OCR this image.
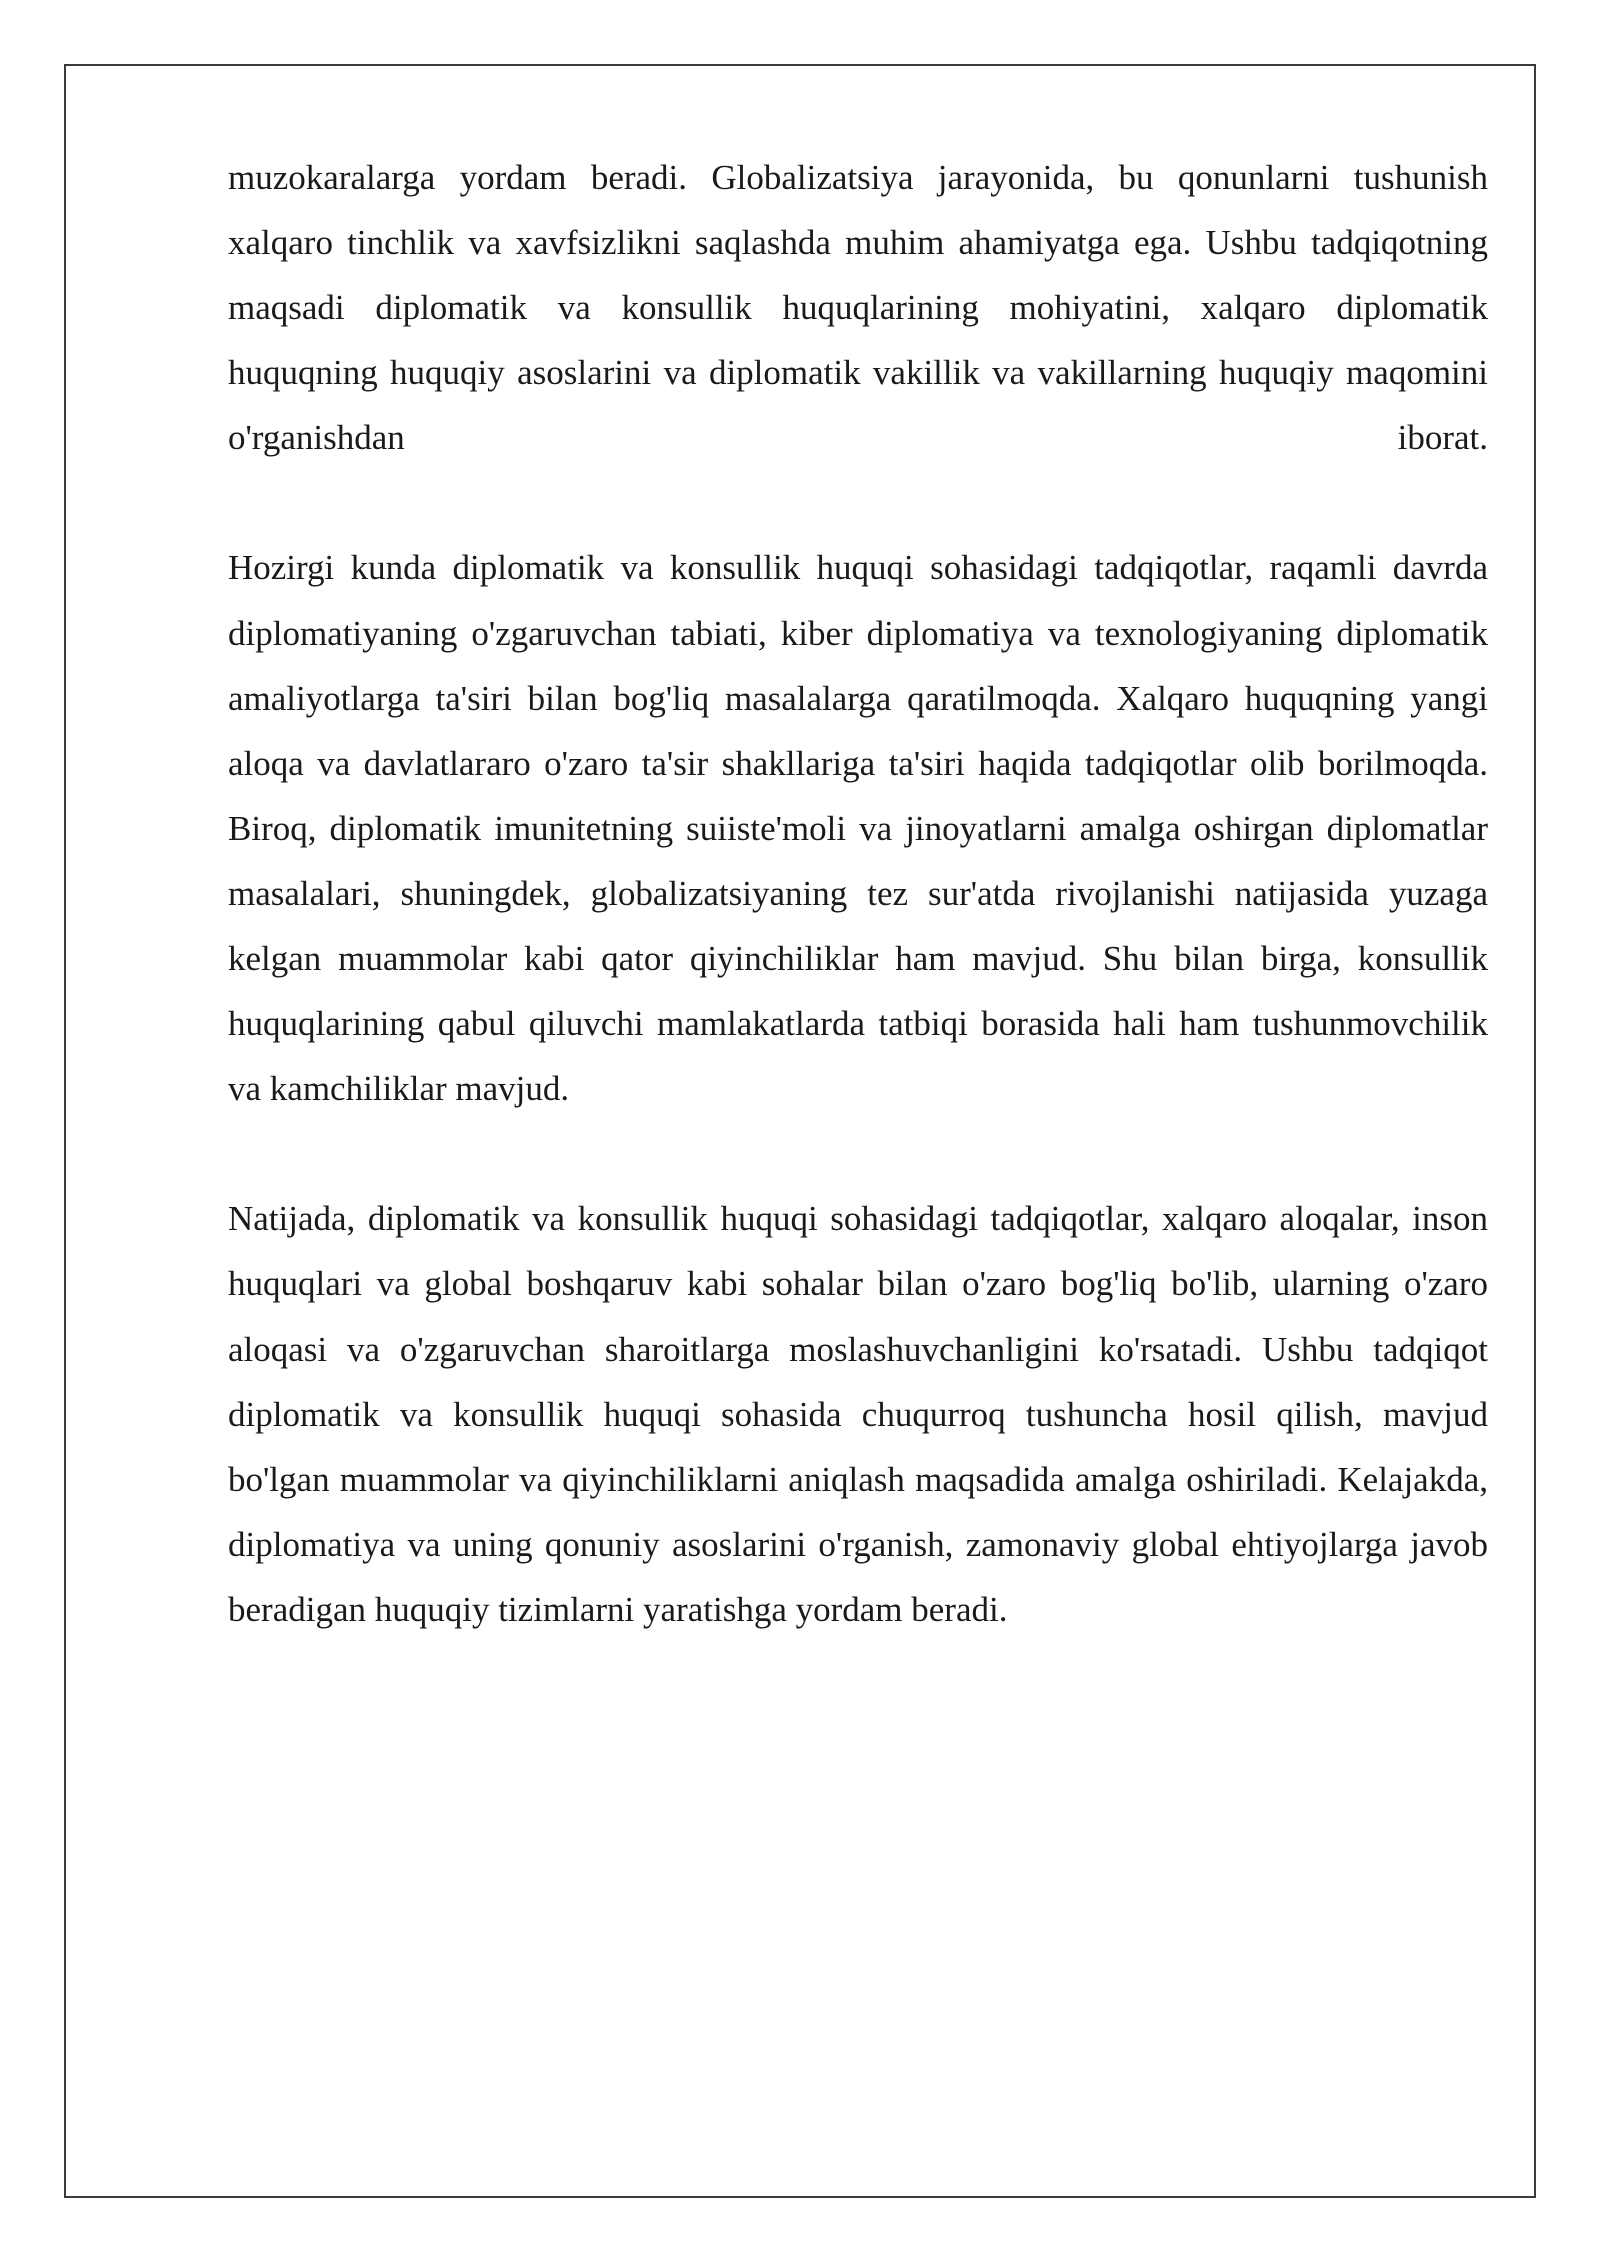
muzokaralarga yordam beradi. Globalizatsiya jarayonida, bu qonunlarni tushunish xalqaro tinchlik va xavfsizlikni saqlashda muhim ahamiyatga ega. Ushbu tadqiqotning maqsadi diplomatik va konsullik huquqlarining mohiyatini, xalqaro diplomatik huquqning huquqiy asoslarini va diplomatik vakillik va vakillarning huquqiy maqomini o'rganishdan iborat.

Hozirgi kunda diplomatik va konsullik huquqi sohasidagi tadqiqotlar, raqamli davrda diplomatiyaning o'zgaruvchan tabiati, kiber diplomatiya va texnologiyaning diplomatik amaliyotlarga ta'siri bilan bog'liq masalalarga qaratilmoqda. Xalqaro huquqning yangi aloqa va davlatlararo o'zaro ta'sir shakllariga ta'siri haqida tadqiqotlar olib borilmoqda. Biroq, diplomatik imunitetning suiiste'moli va jinoyatlarni amalga oshirgan diplomatlar masalalari, shuningdek, globalizatsiyaning tez sur'atda rivojlanishi natijasida yuzaga kelgan muammolar kabi qator qiyinchiliklar ham mavjud. Shu bilan birga, konsullik huquqlarining qabul qiluvchi mamlakatlarda tatbiqi borasida hali ham tushunmovchilik va kamchiliklar mavjud.

Natijada, diplomatik va konsullik huquqi sohasidagi tadqiqotlar, xalqaro aloqalar, inson huquqlari va global boshqaruv kabi sohalar bilan o'zaro bog'liq bo'lib, ularning o'zaro aloqasi va o'zgaruvchan sharoitlarga moslashuvchanligini ko'rsatadi. Ushbu tadqiqot diplomatik va konsullik huquqi sohasida chuqurroq tushuncha hosil qilish, mavjud bo'lgan muammolar va qiyinchiliklarni aniqlash maqsadida amalga oshiriladi. Kelajakda, diplomatiya va uning qonuniy asoslarini o'rganish, zamonaviy global ehtiyojlarga javob beradigan huquqiy tizimlarni yaratishga yordam beradi.
